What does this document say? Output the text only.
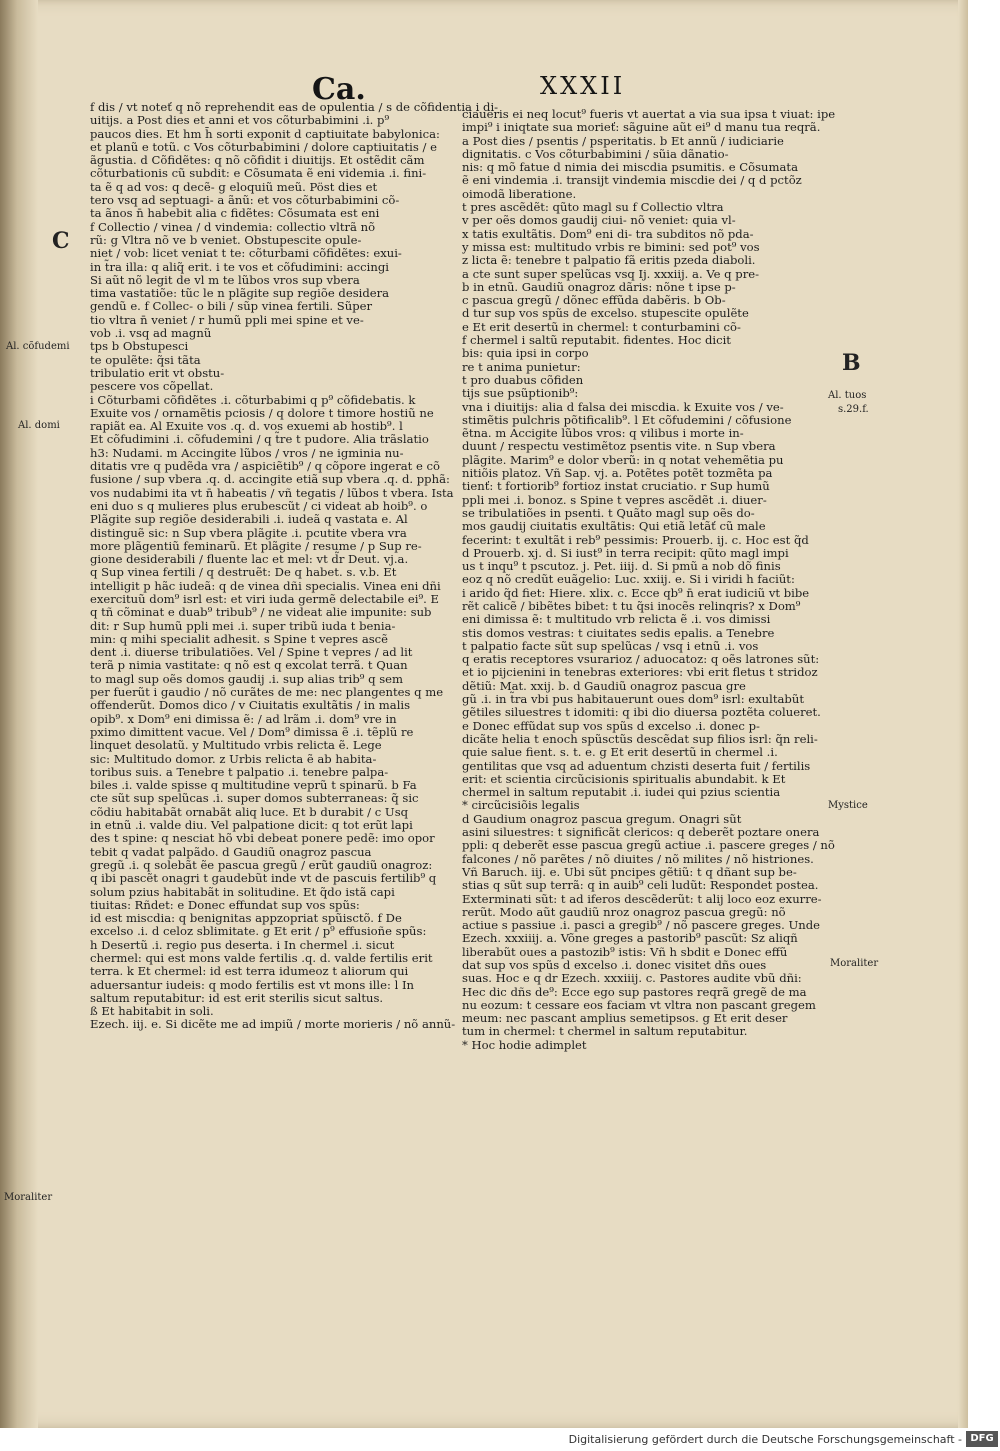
Ca.	XXXII
C
Al. cõfudemi
Al. domi
Moraliter
B
Al. tuos
s.29.f.
Mystice
Moraliter
f dis / vt noteť q nõ reprehendit eas de opulentia / s de cõfidentia i di-
uitijs. a Post dies et anni et vos cõturbabimini .i. p⁹
paucos dies. Et hm h̄ sorti exponit d captiuitate babylonica:
et planũ e totũ. c Vos cõturbabimini / dolore captiuitatis / e
ãgustia. d Cõfidẽtes: q nõ cõfidit i diuitijs. Et ostẽdit cãm
cõturbationis cũ subdit: e Cõsumata ẽ eni videmia .i. fini-
ta ẽ q ad vos: q decẽ- g eloquiũ meũ. Pöst dies et
tero vsq ad septuagi- a ãnũ: et vos cõturbabimini cõ-
ta ãnos n̄ habebit alia c fidẽtes: Cõsumata est eni
f Collectio / vinea / d vindemia: collectio vltrã nõ
rũ: g Vltra nõ ve b veniet. Obstupescite opule-
niet / vob: licet veniat t te: cõturbami cõfidẽtes: exui-
in t̃ra illa: q aliq̃ erit. i te vos et cõfudimini: accingi
Si aũt nõ legit de vl m te lũbos vros sup vbera
tima vastatiõe: tũc le n plãgite sup regiõe desidera
gendũ e. f Collec- o bili / sũp vinea fertili. Sũper
tio vltra n̄ veniet / r humũ ppli mei spine et ve-
vob .i. vsq ad magnũ
tps b Obstupesci
te opulẽte: q̃si tãta
tribulatio erit vt obstu-
pescere vos cõpellat.
i Cõturbami cõfidẽtes .i. cõturbabimi q p⁹ cõfidebatis. k
Exuite vos / ornamẽtis pciosis / q dolore t timore hostiũ ne
rapiãt ea. Al Exuite vos .q. d. vos exuemi ab hostib⁹. l
Et cõfudimini .i. cõfudemini / q t̃re t pudore. Alia trãslatio
h3: Nudami. m Accingite lũbos / vros / ne igminia nu-
ditatis vre q pudẽda vra / aspiciẽtib⁹ / q cõpore ingerat e cõ
fusione / sup vbera .q. d. accingite etiã sup vbera .q. d. pphã:
vos nudabimi ita vt n̄ habeatis / vñ tegatis / lũbos t vbera. Ista
eni duo s q mulieres plus erubescũt / ci videat ab hoib⁹. o
Plãgite sup regiõe desiderabili .i. iudeã q vastata e. Al
distinguẽ sic: n Sup vbera plãgite .i. pcutite vbera vra
more plãgentiũ feminarũ. Et plãgite / resume / p Sup re-
gione desiderabili / fluente lac et mel: vt d̃r Deut. vj.a.
q Sup vinea fertili / q destruẽt: De q habet. s. v.b. Et
intelligit p hãc iudeã: q de vinea dñi specialis. Vinea eni dñi
exercituũ dom⁹ isrl est: et viri iuda germẽ delectabile ei⁹. E
q tñ cõminat e duab⁹ tribub⁹ / ne videat alie impunite: sub
dit: r Sup humũ ppli mei .i. super tribũ iuda t benia-
min: q mihi specialit adhesit. s Spine t vepres ascẽ
dent .i. diuerse tribulatiões. Vel / Spine t vepres / ad lit
terã p nimia vastitate: q nõ est q excolat terrã. t Quan
to magl sup oẽs domos gaudij .i. sup alias trib⁹ q sem
per fuerũt i gaudio / nõ curãtes de me: nec plangentes q me
offenderũt. Domos dico / v Ciuitatis exultãtis / in malis
opib⁹. x Dom⁹ eni dimissa ẽ: / ad lrãm .i. dom⁹ vre in
pximo dimittent vacue. Vel / Dom⁹ dimissa ẽ .i. tẽplũ re
linquet desolatũ. y Multitudo vrbis relicta ẽ. Lege
sic: Multitudo domor. z Urbis relicta ẽ ab habita-
toribus suis. a Tenebre t palpatio .i. tenebre palpa-
biles .i. valde spisse q multitudine veprũ t spinarũ. b Fa
cte sũt sup spelũcas .i. super domos subterraneas: q̃ sic
cõdiu habitabãt ornabãt aliq luce. Et b durabit / c Usq
in etnũ .i. valde diu. Vel palpatione dicit: q tot erũt lapi
des t spine: q nesciat hõ vbi debeat ponere pedẽ: imo opor
tebit q vadat palpãdo. d Gaudiũ onagroz pascua
gregũ .i. q solebãt ẽe pascua gregũ / erũt gaudiũ onagroz:
q ibi pascẽt onagri t gaudebũt inde vt de pascuis fertilib⁹ q
solum pzius habitabãt in solitudine. Et q̃do istã capi
tiuitas: Rñdet: e Donec effundat sup vos spũs:
id est miscdia: q benignitas appzopriat spũisctõ. f De
excelso .i. d celoz sblimitate. g Et erit / p⁹ effusioñe spũs:
h Desertũ .i. regio pus deserta. i In chermel .i. sicut
chermel: qui est mons valde fertilis .q. d. valde fertilis erit
terra. k Et chermel: id est terra idumeoz t aliorum qui
aduersantur iudeis: q modo fertilis est vt mons ille: l In
saltum reputabitur: id est erit sterilis sicut saltus.
ß Et habitabit in soli.
Ezech. iij. e. Si dicẽte me ad impiũ / morte morieris / nõ annũ-
ciaueris ei neq locut⁹ fueris vt auertat a via sua ipsa t viuat: ipe
impi⁹ i iniqtate sua morieť: sãguine aũt ei⁹ d manu tua reqrã.
a Post dies / psentis / psperitatis. b Et annũ / iudiciarie
dignitatis. c Vos cõturbabimini / sũia dãnatio-
nis: q mõ fatue d nimia dei miscdia psumitis. e Cõsumata
ẽ eni vindemia .i. transijt vindemia miscdie dei / q d pctõz
oimodã liberatione.
t pres ascẽdẽt: qũto magl su f Collectio vltra
v per oẽs domos gaudij ciui- nõ veniet: quia vl-
x tatis exultãtis. Dom⁹ eni di- tra subditos nõ pda-
y missa est: multitudo vrbis re bimini: sed pot⁹ vos
z licta ẽ: tenebre t palpatio fã eritis pzeda diaboli.
a cte sunt super spelũcas vsq Ij. xxxiij. a. Ve q pre-
b in etnũ. Gaudiũ onagroz dãris: nõne t ipse p-
c pascua gregũ / dõnec effũda dabẽris. b Ob-
d tur sup vos spũs de excelso. stupescite opulẽte
e Et erit desertũ in chermel: t conturbamini cõ-
f chermel i saltũ reputabit. fidentes. Hoc dicit
bis: quia ipsi in corpo
re t anima punietur:
t pro duabus cõfiden
tijs sue psũptionib⁹:
vna i diuitijs: alia d falsa dei miscdia. k Exuite vos / ve-
stimẽtis pulchris põtificalib⁹. l Et cõfudemini / cõfusione
ẽtna. m Accigite lũbos vros: q vilibus i morte in-
duunt / respectu vestimẽtoz psentis vite. n Sup vbera
plãgite. Marim⁹ e dolor vberũ: in q notat vehemẽtia pu
nitiõis platoz. Vñ Sap. vj. a. Potẽtes potẽt tozmẽta pa
tienť: t fortiorib⁹ fortioz instat cruciatio. r Sup humũ
ppli mei .i. bonoz. s Spine t vepres ascẽdẽt .i. diuer-
se tribulatiões in psenti. t Quãto magl sup oẽs do-
mos gaudij ciuitatis exultãtis: Qui etiã letãť cũ male
fecerint: t exultãt i reb⁹ pessimis: Prouerb. ij. c. Hoc est q̃d
d Prouerb. xj. d. Si iust⁹ in terra recipit: qũto magl impi
us t inqu⁹ t pscutoz. j. Pet. iiij. d. Si pmũ a nob dõ finis
eoz q nõ credũt euãgelio: Luc. xxiij. e. Si i viridi h faciũt:
i arido q̃d fiet: Hiere. xlix. c. Ecce qb⁹ n̄ erat iudiciũ vt bibe
rẽt calicẽ / bibẽtes bibet: t tu q̃si inocẽs relinqris? x Dom⁹
eni dimissa ẽ: t multitudo vrb relicta ẽ .i. vos dimissi
stis domos vestras: t ciuitates sedis epalis. a Tenebre
t palpatio facte sũt sup spelũcas / vsq i etnũ .i. vos
q eratis receptores vsurarioz / aduocatoz: q oẽs latrones sũt:
et io pijcienini in tenebras exteriores: vbi erit fletus t stridoz
dẽtiũ: Mat. xxij. b. d Gaudiũ onagroz pascua gre
gũ .i. in t̃ra vbi pus habitauerunt oues dom⁹ isrl: exultabũt
gẽtiles siluestres t idomiti: q ibi dio diuersa poztẽta colueret.
e Donec effũdat sup vos spũs d excelso .i. donec p-
dicãte helia t enoch spũsctũs descẽdat sup filios isrl: q̃n reli-
quie salue fient. s. t. e. g Et erit desertũ in chermel .i.
gentilitas que vsq ad aduentum chzisti deserta fuit / fertilis
erit: et scientia circũcisionis spiritualis abundabit. k Et
chermel in saltum reputabit .i. iudei qui pzius scientia
* circũcisiõis legalis
d Gaudium onagroz pascua gregum. Onagri sũt
asini siluestres: t significãt clericos: q deberẽt poztare onera
ppli: q deberẽt esse pascua gregũ actiue .i. pascere greges / nõ
falcones / nõ parẽtes / nõ diuites / nõ milites / nõ histriones.
Vñ Baruch. iij. e. Ubi sũt pncipes gẽtiũ: t q dñant sup be-
stias q sũt sup terrã: q in auib⁹ celi ludũt: Respondet postea.
Exterminati sũt: t ad iferos descẽderũt: t alij loco eoz exurre-
rerũt. Modo aũt gaudiũ nroz onagroz pascua gregũ: nõ
actiue s passiue .i. pasci a gregib⁹ / nõ pascere greges. Unde
Ezech. xxxiiij. a. Võne greges a pastorib⁹ pascũt: Sz aliqñ
liberabũt oues a pastozib⁹ istis: Vñ h sbdit e Donec effũ
dat sup vos spũs d excelso .i. donec visitet dñs oues
suas. Hoc e q dr Ezech. xxxiiij. c. Pastores audite vbũ dñi:
Hec dic dñs de⁹: Ecce ego sup pastores reqrã gregẽ de ma
nu eozum: t cessare eos faciam vt vltra non pascant gregem
meum: nec pascant amplius semetipsos. g Et erit deser
tum in chermel: t chermel in saltum reputabitur.
* Hoc hodie adimplet
Digitalisierung gefördert durch die Deutsche Forschungsgemeinschaft - DFG
